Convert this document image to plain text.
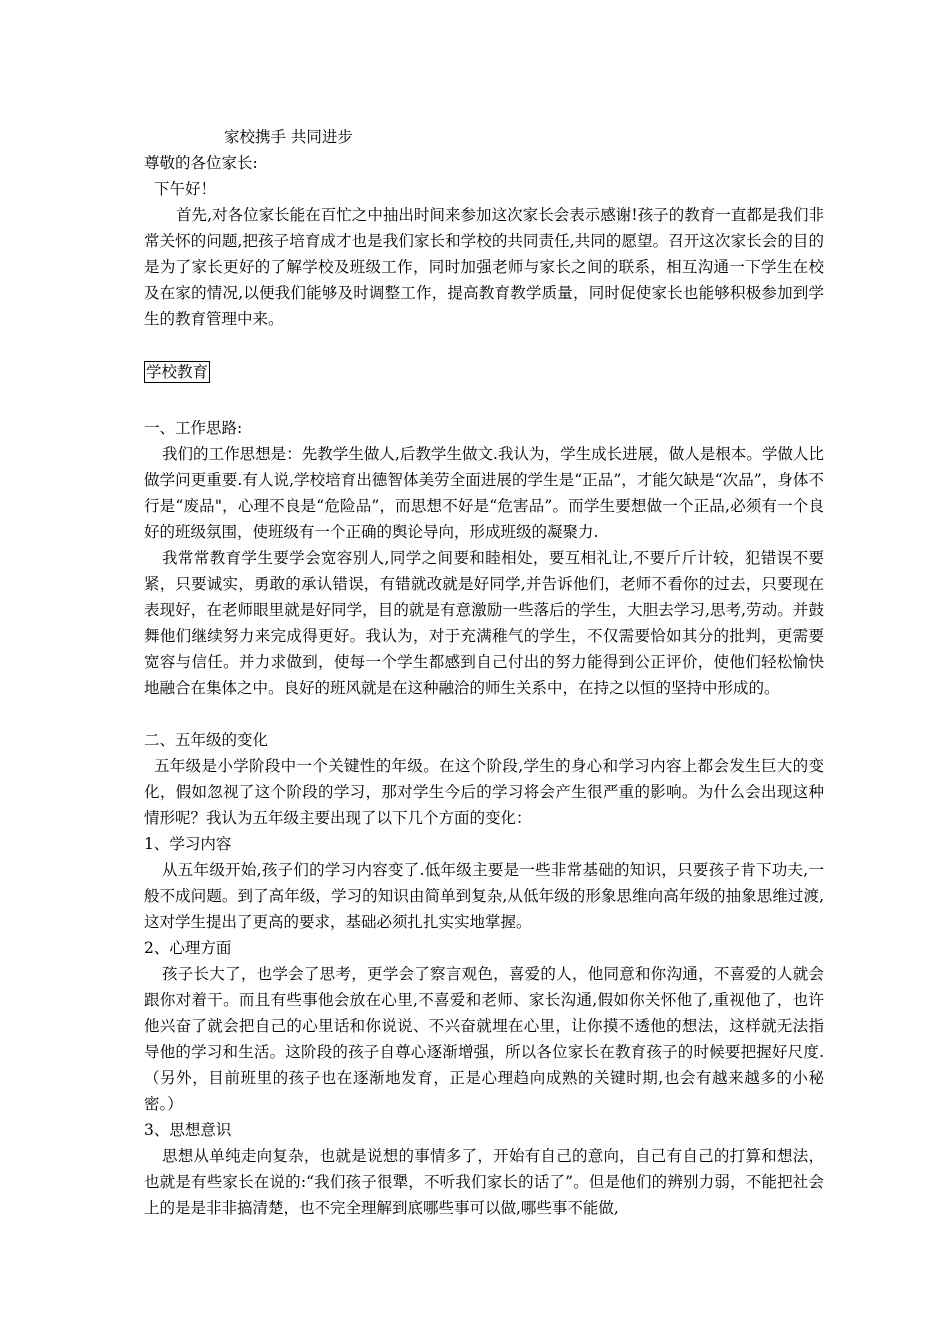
家校携手 共同进步
尊敬的各位家长:
下午好！
首先,对各位家长能在百忙之中抽出时间来参加这次家长会表示感谢!孩子的教育一直都是我们非常关怀的问题,把孩子培育成才也是我们家长和学校的共同责任,共同的愿望。召开这次家长会的目的是为了家长更好的了解学校及班级工作，同时加强老师与家长之间的联系，相互沟通一下学生在校及在家的情况,以便我们能够及时调整工作，提高教育教学质量，同时促使家长也能够积极参加到学生的教育管理中来。
学校教育
一、工作思路:
我们的工作思想是：先教学生做人,后教学生做文.我认为，学生成长进展，做人是根本。学做人比做学问更重要.有人说,学校培育出德智体美劳全面进展的学生是“正品”，才能欠缺是“次品”，身体不行是“废品"，心理不良是“危险品”，而思想不好是“危害品”。而学生要想做一个正品,必须有一个良好的班级氛围，使班级有一个正确的舆论导向，形成班级的凝聚力.
我常常教育学生要学会宽容别人,同学之间要和睦相处，要互相礼让,不要斤斤计较，犯错误不要紧，只要诚实，勇敢的承认错误，有错就改就是好同学,并告诉他们，老师不看你的过去，只要现在表现好，在老师眼里就是好同学，目的就是有意激励一些落后的学生，大胆去学习,思考,劳动。并鼓舞他们继续努力来完成得更好。我认为，对于充满稚气的学生，不仅需要恰如其分的批判，更需要宽容与信任。并力求做到，使每一个学生都感到自己付出的努力能得到公正评价，使他们轻松愉快地融合在集体之中。良好的班风就是在这种融洽的师生关系中，在持之以恒的坚持中形成的。
二、五年级的变化
五年级是小学阶段中一个关键性的年级。在这个阶段,学生的身心和学习内容上都会发生巨大的变化，假如忽视了这个阶段的学习，那对学生今后的学习将会产生很严重的影响。为什么会出现这种情形呢？我认为五年级主要出现了以下几个方面的变化：
1、学习内容
从五年级开始,孩子们的学习内容变了.低年级主要是一些非常基础的知识，只要孩子肯下功夫,一般不成问题。到了高年级，学习的知识由简单到复杂,从低年级的形象思维向高年级的抽象思维过渡,这对学生提出了更高的要求，基础必须扎扎实实地掌握。
2、心理方面
孩子长大了，也学会了思考，更学会了察言观色，喜爱的人，他同意和你沟通，不喜爱的人就会跟你对着干。而且有些事他会放在心里,不喜爱和老师、家长沟通,假如你关怀他了,重视他了，也许他兴奋了就会把自己的心里话和你说说、不兴奋就埋在心里，让你摸不透他的想法，这样就无法指导他的学习和生活。这阶段的孩子自尊心逐渐增强，所以各位家长在教育孩子的时候要把握好尺度.（另外，目前班里的孩子也在逐渐地发育，正是心理趋向成熟的关键时期,也会有越来越多的小秘密。）
3、思想意识
思想从单纯走向复杂，也就是说想的事情多了，开始有自己的意向，自己有自己的打算和想法，也就是有些家长在说的:“我们孩子很犟，不听我们家长的话了”。但是他们的辨别力弱，不能把社会上的是是非非搞清楚，也不完全理解到底哪些事可以做,哪些事不能做,
